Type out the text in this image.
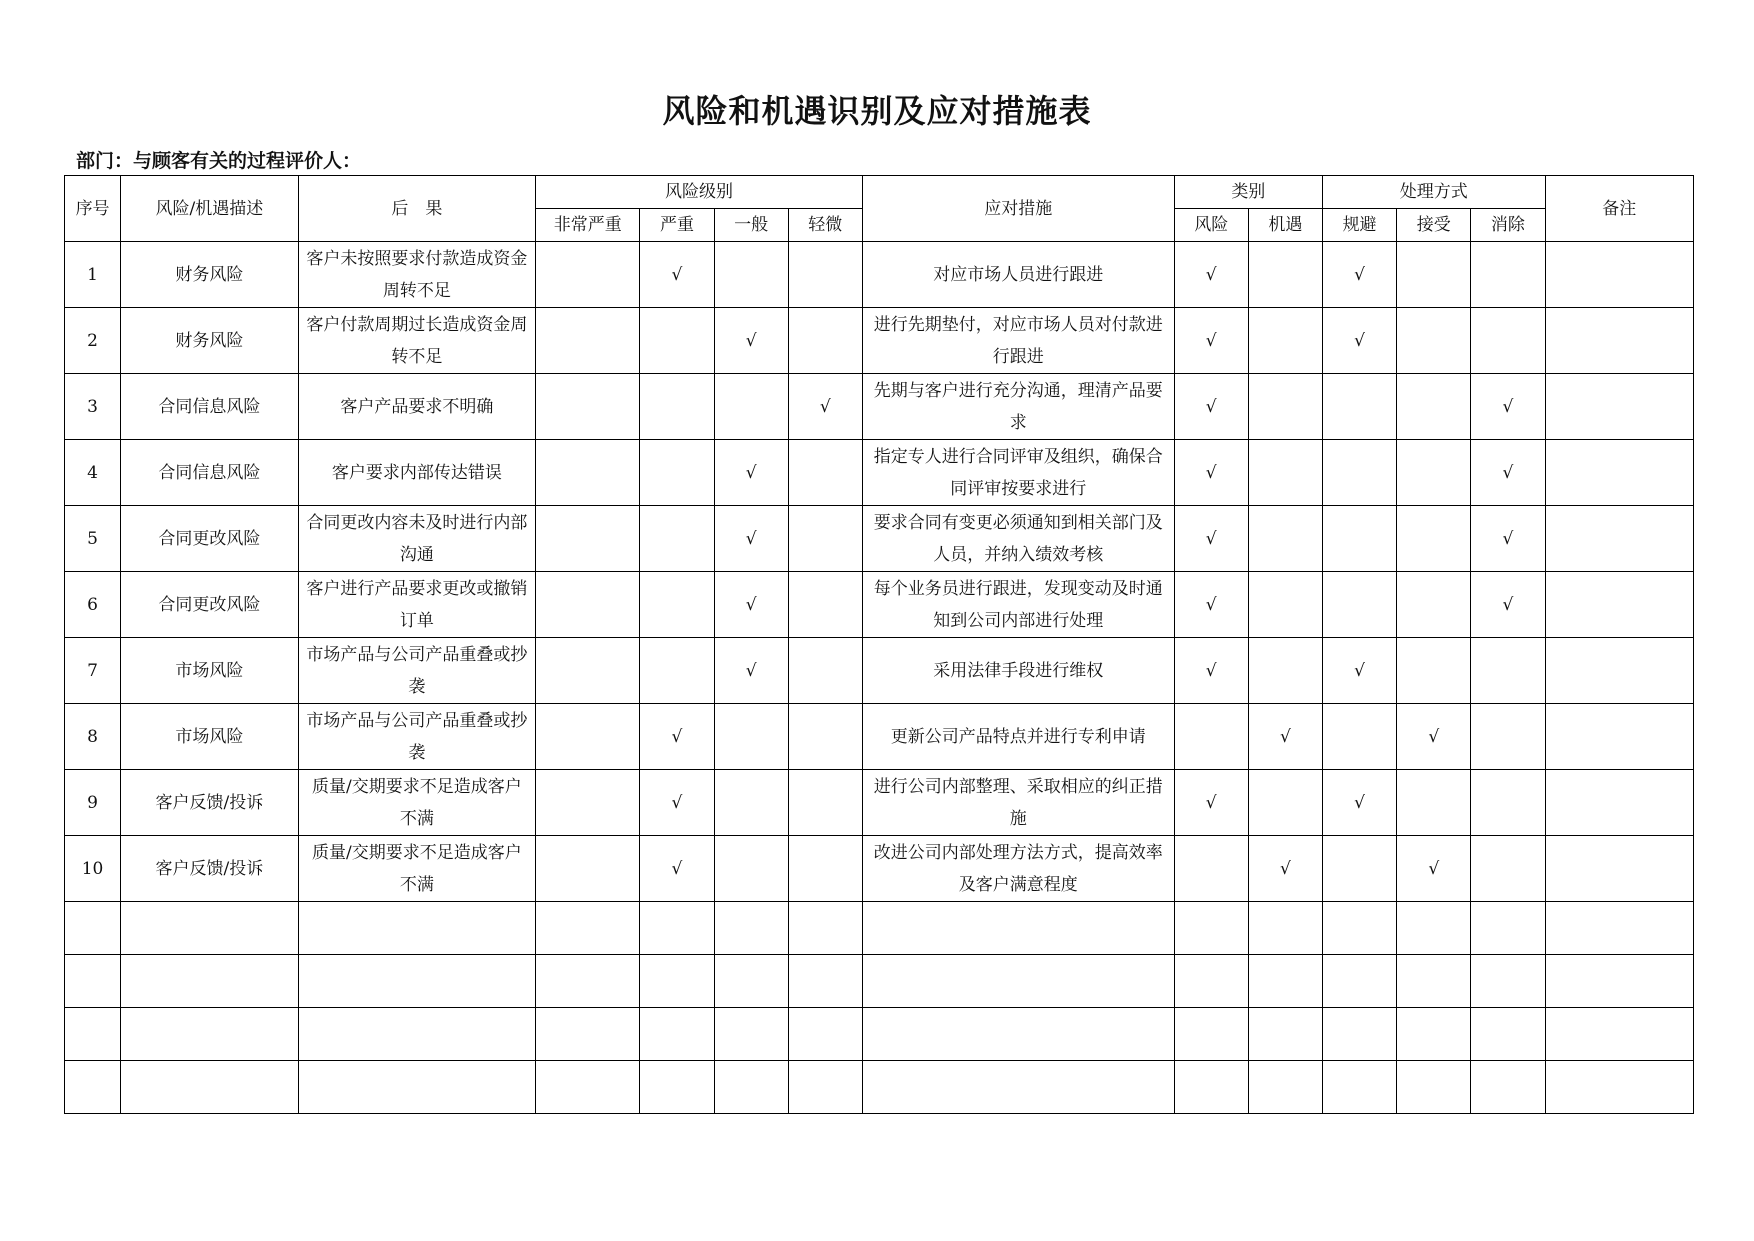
风险和机遇识别及应对措施表
部门：与顾客有关的过程评价人：
序号	风险/机遇描述	后　果	风险级别				应对措施	类别		处理方式			备注
			非常严重	严重	一般	轻微		风险	机遇	规避	接受	消除	
1	财务风险	客户未按照要求付款造成资金周转不足		√			对应市场人员进行跟进	√		√			
2	财务风险	客户付款周期过长造成资金周转不足			√		进行先期垫付，对应市场人员对付款进行跟进	√		√			
3	合同信息风险	客户产品要求不明确				√	先期与客户进行充分沟通，理清产品要求	√				√	
4	合同信息风险	客户要求内部传达错误			√		指定专人进行合同评审及组织，确保合同评审按要求进行	√				√	
5	合同更改风险	合同更改内容未及时进行内部沟通			√		要求合同有变更必须通知到相关部门及人员，并纳入绩效考核	√				√	
6	合同更改风险	客户进行产品要求更改或撤销订单			√		每个业务员进行跟进，发现变动及时通知到公司内部进行处理	√				√	
7	市场风险	市场产品与公司产品重叠或抄袭			√		采用法律手段进行维权	√		√			
8	市场风险	市场产品与公司产品重叠或抄袭		√			更新公司产品特点并进行专利申请		√		√		
9	客户反馈/投诉	质量/交期要求不足造成客户不满		√			进行公司内部整理、采取相应的纠正措施	√		√			
10	客户反馈/投诉	质量/交期要求不足造成客户不满		√			改进公司内部处理方法方式，提高效率及客户满意程度		√		√		
